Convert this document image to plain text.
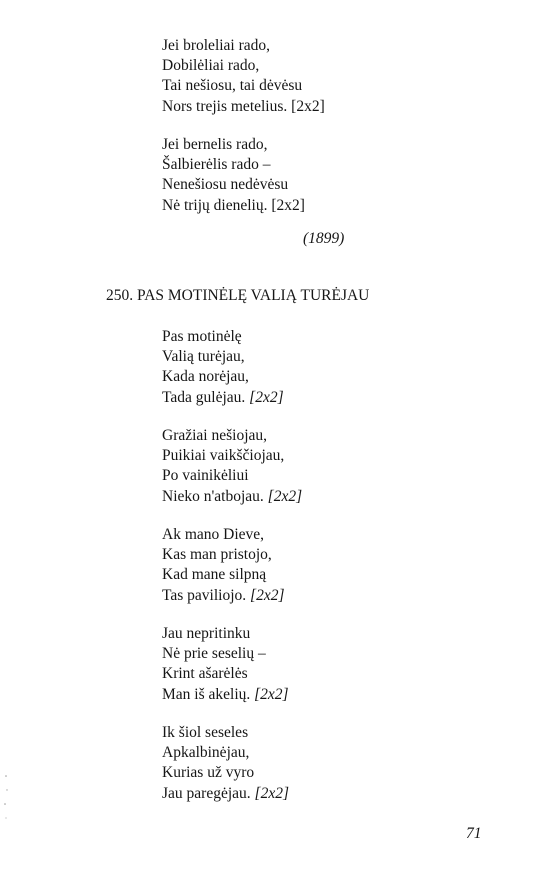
Jei broleliai rado,
Dobilėliai rado,
Tai nešiosu, tai dėvėsu
Nors trejis metelius. [2x2]
Jei bernelis rado,
Šalbierėlis rado –
Nenešiosu nedėvėsu
Nė trijų dienelių. [2x2]
(1899)
250. PAS MOTINĖLĘ VALIĄ TURĖJAU
Pas motinėlę
Valią turėjau,
Kada norėjau,
Tada gulėjau. [2x2]
Gražiai nešiojau,
Puikiai vaikščiojau,
Po vainikėliui
Nieko n'atbojau. [2x2]
Ak mano Dieve,
Kas man pristojo,
Kad mane silpną
Tas paviliojo. [2x2]
Jau nepritinku
Nė prie seselių –
Krint ašarėlės
Man iš akelių. [2x2]
Ik šiol seseles
Apkalbinėjau,
Kurias už vyro
Jau paregėjau. [2x2]
71
